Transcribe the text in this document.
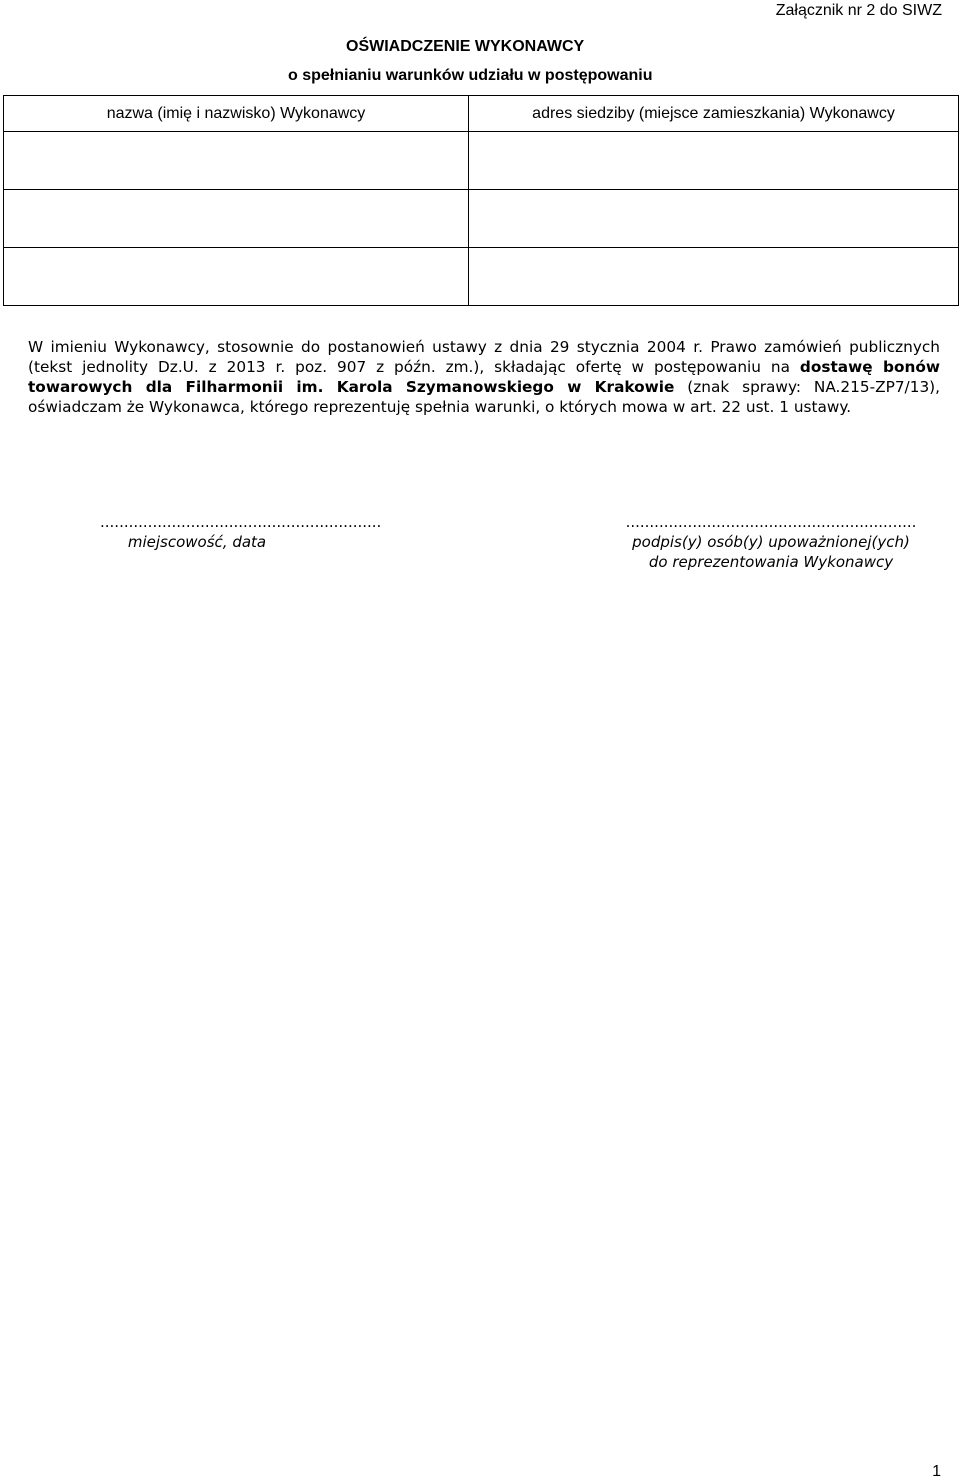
Załącznik nr 2 do SIWZ
OŚWIADCZENIE WYKONAWCY
o spełnianiu warunków udziału w postępowaniu
nazwa (imię i nazwisko) Wykonawcy	adres siedziby (miejsce zamieszkania) Wykonawcy

W imieniu Wykonawcy, stosownie do postanowień ustawy z dnia 29 stycznia 2004 r. Prawo zamówień publicznych (tekst jednolity Dz.U. z 2013 r. poz. 907 z późn. zm.), składając ofertę w postępowaniu na dostawę bonów towarowych dla Filharmonii im. Karola Szymanowskiego w Krakowie (znak sprawy: NA.215-ZP7/13), oświadczam że Wykonawca, którego reprezentuję spełnia warunki, o których mowa w art. 22 ust. 1 ustawy.
...........................................................
miejscowość, data
.............................................................
podpis(y) osób(y) upoważnionej(ych)
do reprezentowania Wykonawcy
1
